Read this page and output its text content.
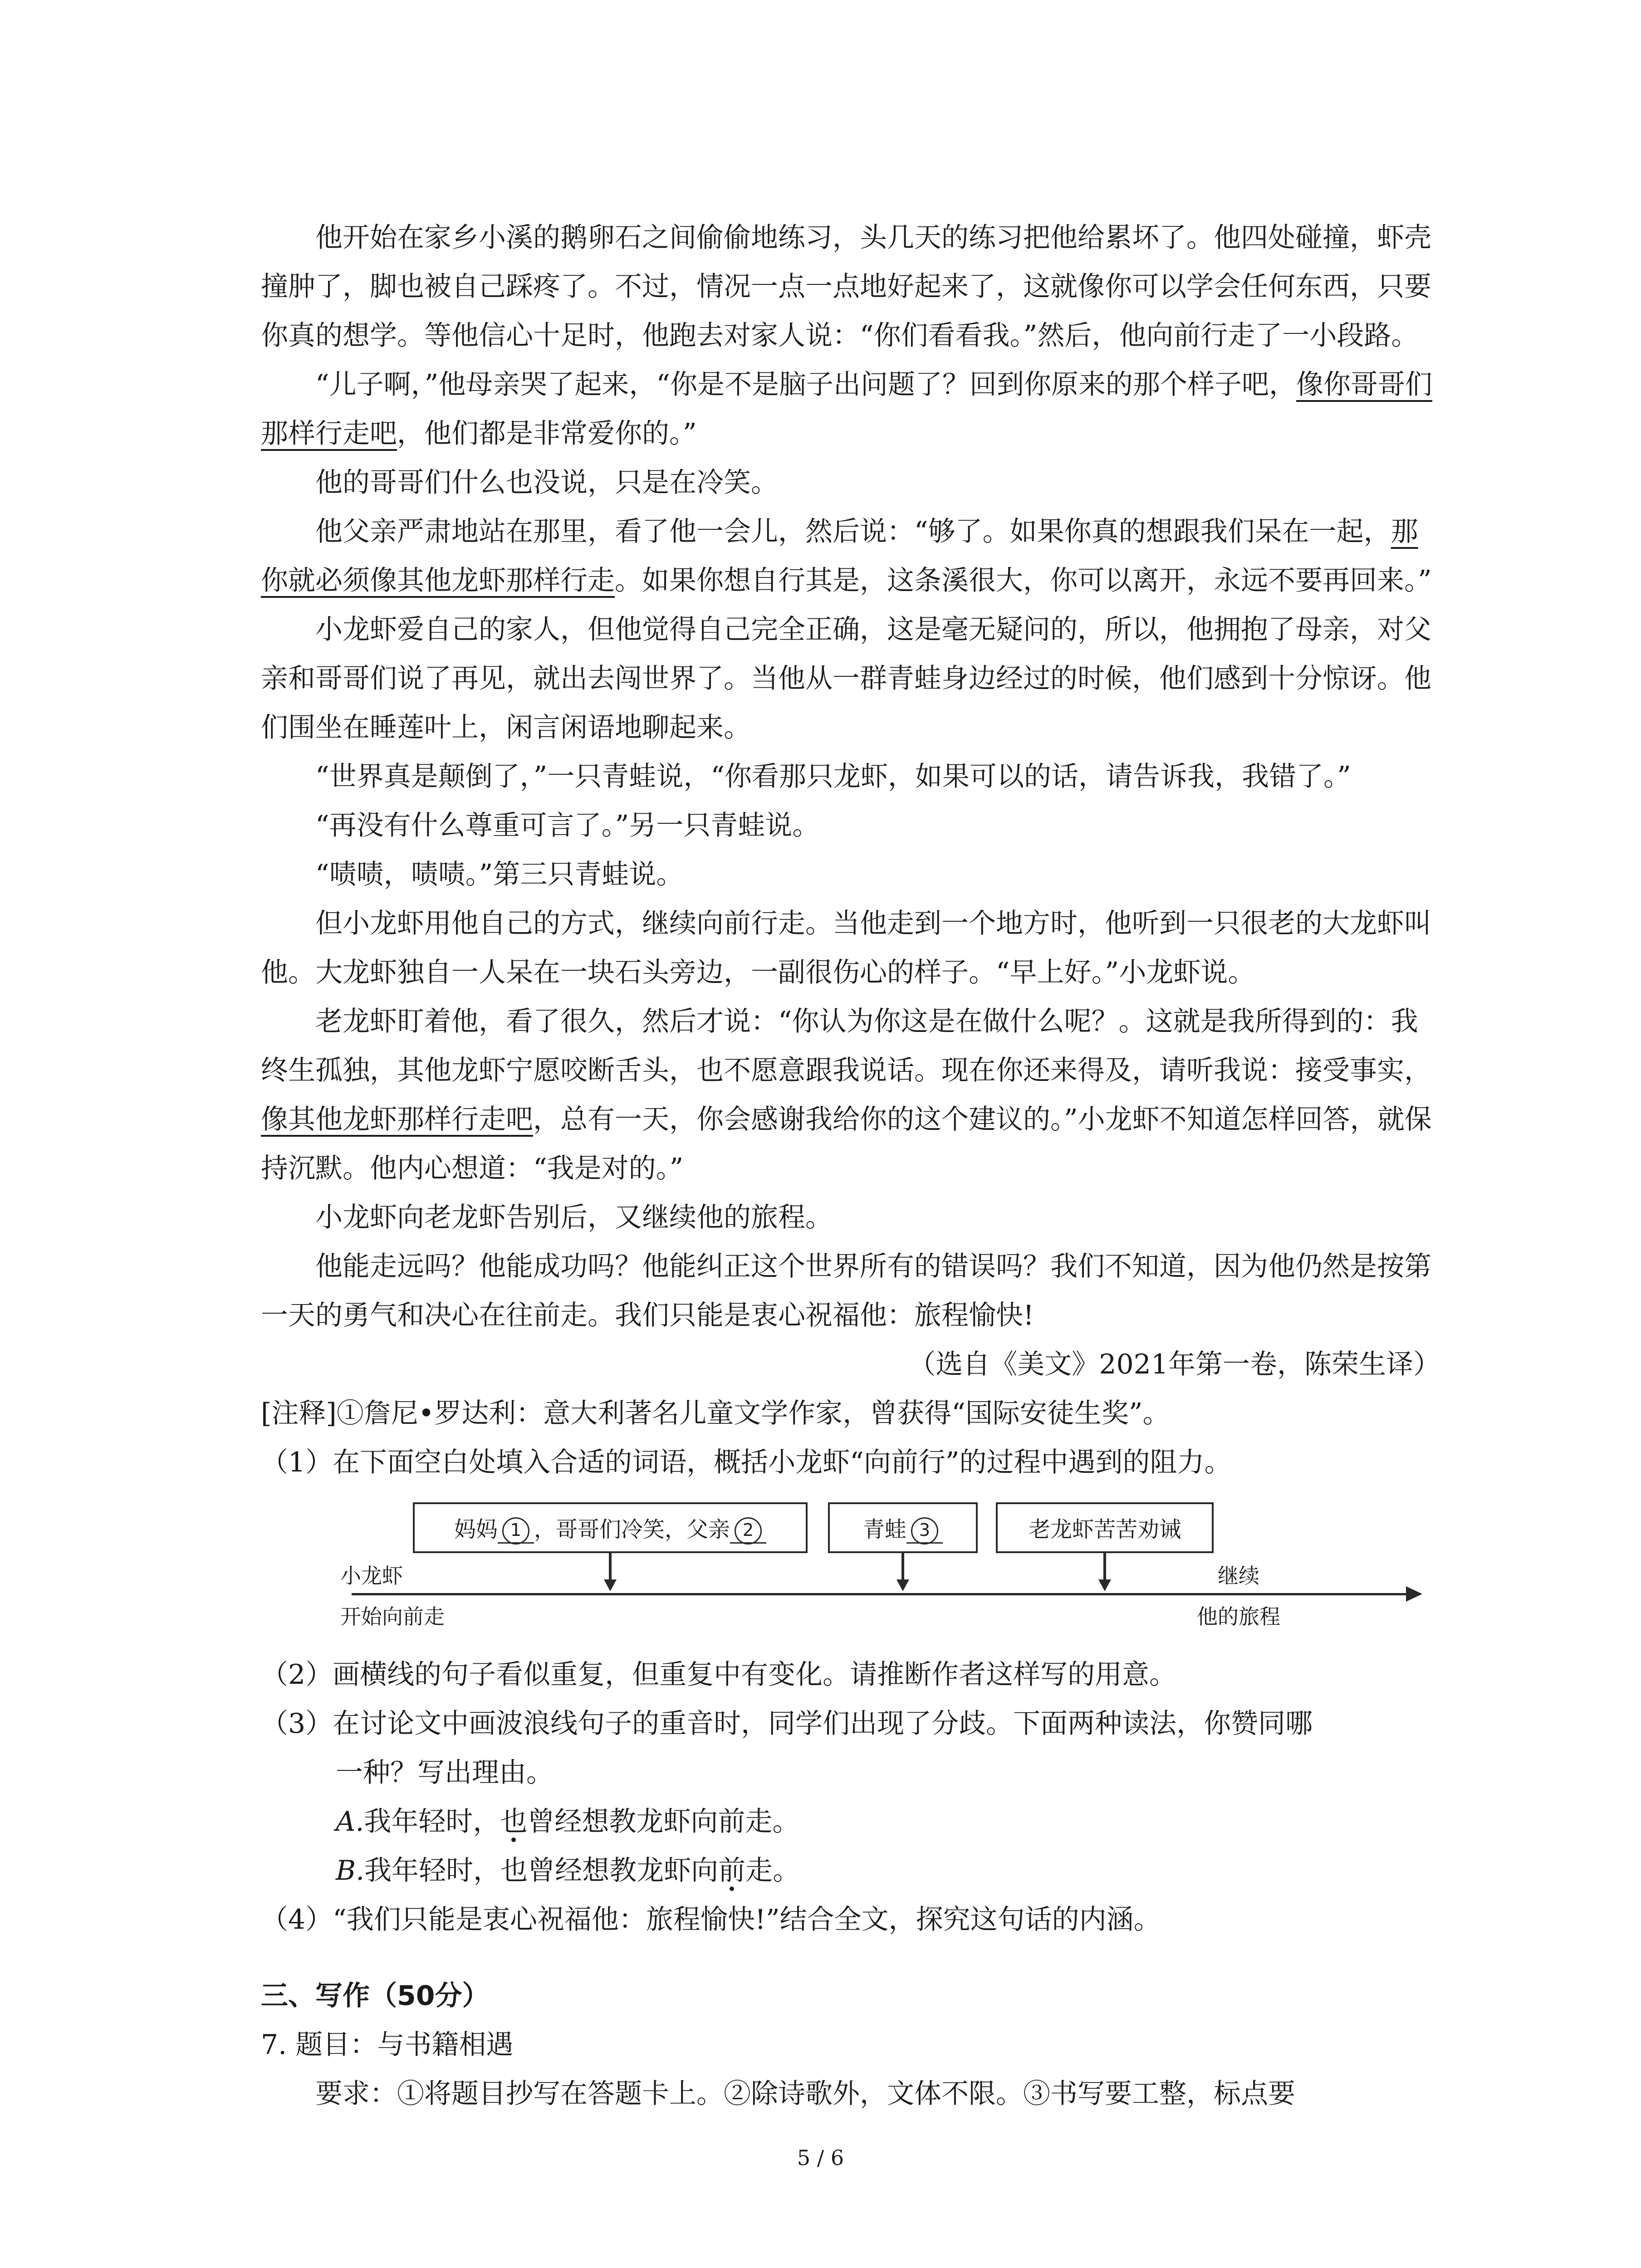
他开始在家乡小溪的鹅卵石之间偷偷地练习，头几天的练习把他给累坏了。他四处碰撞，虾壳撞肿了，脚也被自己踩疼了。不过，情况一点一点地好起来了，这就像你可以学会任何东西，只要你真的想学。等他信心十足时，他跑去对家人说：“你们看看我。”然后，他向前行走了一小段路。

“儿子啊，”他母亲哭了起来，“你是不是脑子出问题了？回到你原来的那个样子吧，像你哥哥们那样行走吧，他们都是非常爱你的。”

他的哥哥们什么也没说，只是在冷笑。

他父亲严肃地站在那里，看了他一会儿，然后说：“够了。如果你真的想跟我们呆在一起，那你就必须像其他龙虾那样行走。如果你想自行其是，这条溪很大，你可以离开，永远不要再回来。”

小龙虾爱自己的家人，但他觉得自己完全正确，这是毫无疑问的，所以，他拥抱了母亲，对父亲和哥哥们说了再见，就出去闯世界了。当他从一群青蛙身边经过的时候，他们感到十分惊讶。他们围坐在睡莲叶上，闲言闲语地聊起来。

“世界真是颠倒了，”一只青蛙说，“你看那只龙虾，如果可以的话，请告诉我，我错了。”

“再没有什么尊重可言了。”另一只青蛙说。

“啧啧，啧啧。”第三只青蛙说。

但小龙虾用他自己的方式，继续向前行走。当他走到一个地方时，他听到一只很老的大龙虾叫他。大龙虾独自一人呆在一块石头旁边，一副很伤心的样子。“早上好。”小龙虾说。

老龙虾盯着他，看了很久，然后才说：“你认为你这是在做什么呢？。这就是我所得到的：我终生孤独，其他龙虾宁愿咬断舌头，也不愿意跟我说话。现在你还来得及，请听我说：接受事实，像其他龙虾那样行走吧，总有一天，你会感谢我给你的这个建议的。”小龙虾不知道怎样回答，就保持沉默。他内心想道：“我是对的。”

小龙虾向老龙虾告别后，又继续他的旅程。

他能走远吗？他能成功吗？他能纠正这个世界所有的错误吗？我们不知道，因为他仍然是按第一天的勇气和决心在往前走。我们只能是衷心祝福他：旅程愉快!

（选自《美文》2021年第一卷，陈荣生译）

[注释]①詹尼•罗达利：意大利著名儿童文学作家，曾获得“国际安徒生奖”。

（1）在下面空白处填入合适的词语，概括小龙虾“向前行”的过程中遇到的阻力。

妈妈 1 ，哥哥们冷笑，父亲 2	青蛙 3	老龙虾苦苦劝诫
小龙虾
开始向前走
继续
他的旅程

（2）画横线的句子看似重复，但重复中有变化。请推断作者这样写的用意。

（3）在讨论文中画波浪线句子的重音时，同学们出现了分歧。下面两种读法，你赞同哪

一种？写出理由。

A.我年轻时，也曾经想教龙虾向前走。

B.我年轻时，也曾经想教龙虾向前走。

（4）“我们只能是衷心祝福他：旅程愉快!”结合全文，探究这句话的内涵。

三、写作（50分）

7. 题目：与书籍相遇

要求：①将题目抄写在答题卡上。②除诗歌外，文体不限。③书写要工整，标点要

5 / 6
